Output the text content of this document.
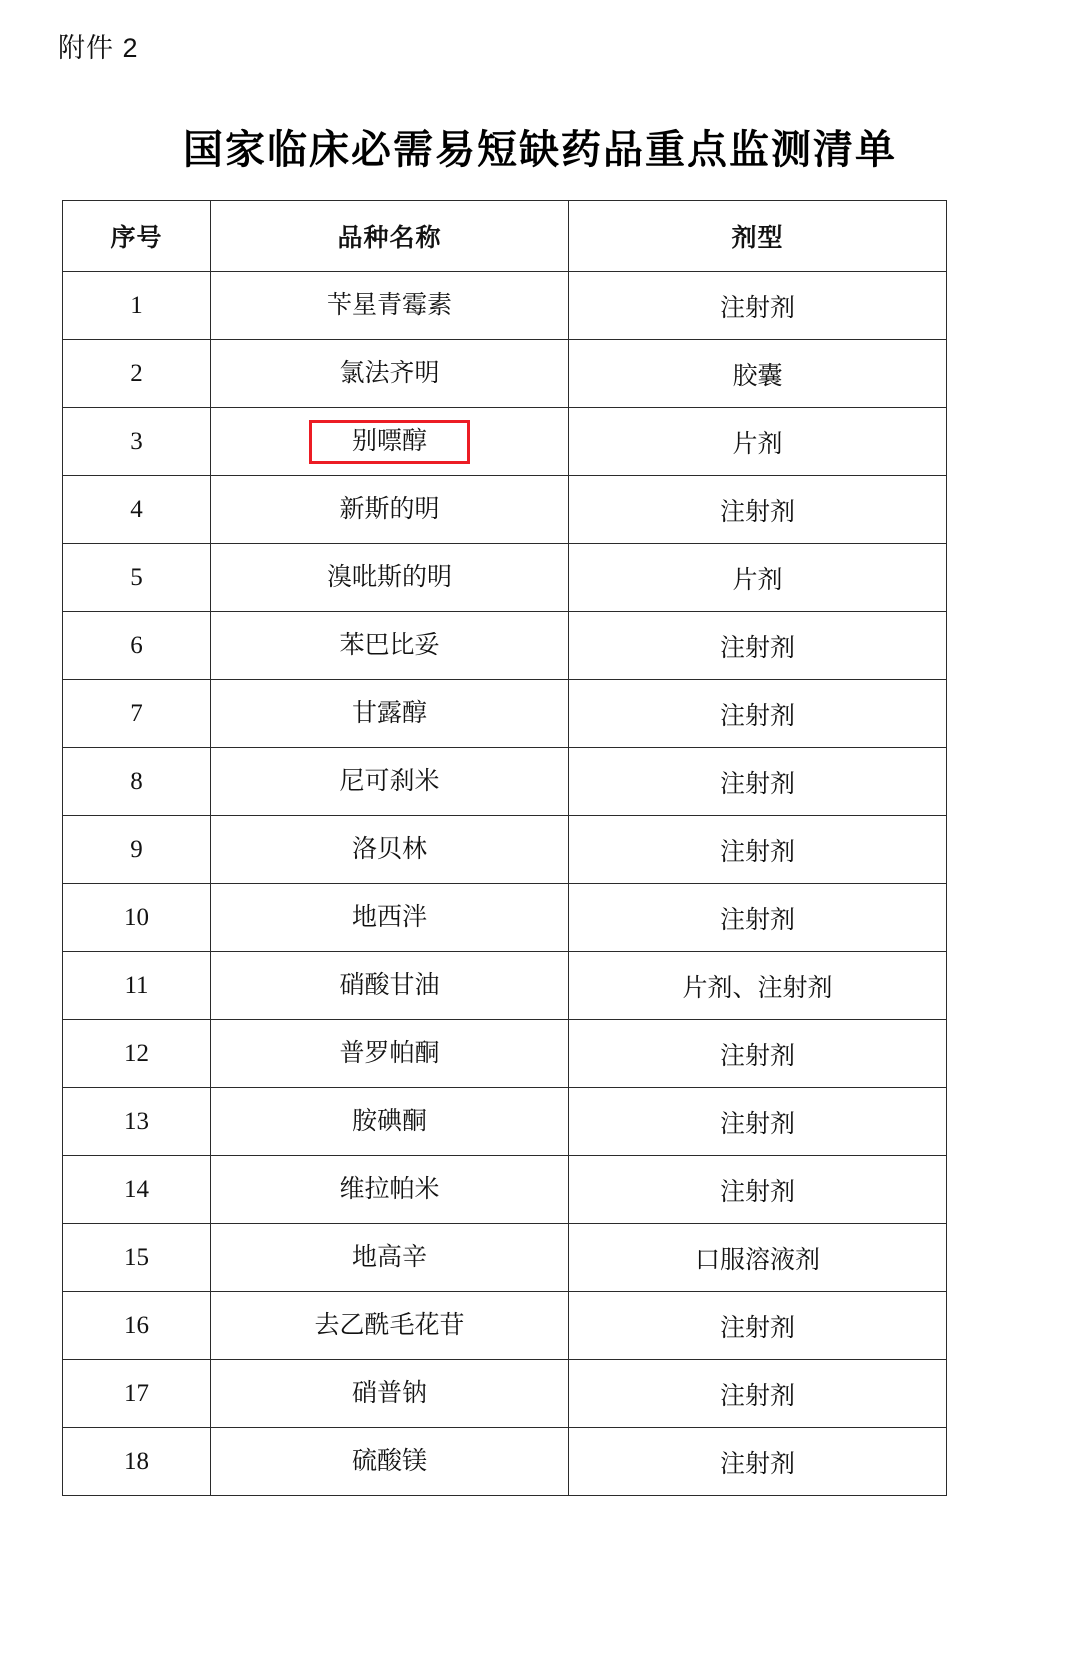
附件 2
国家临床必需易短缺药品重点监测清单
序号	品种名称	剂型
1	苄星青霉素	注射剂
2	氯法齐明	胶囊
3	别嘌醇	片剂
4	新斯的明	注射剂
5	溴吡斯的明	片剂
6	苯巴比妥	注射剂
7	甘露醇	注射剂
8	尼可刹米	注射剂
9	洛贝林	注射剂
10	地西泮	注射剂
11	硝酸甘油	片剂、注射剂
12	普罗帕酮	注射剂
13	胺碘酮	注射剂
14	维拉帕米	注射剂
15	地高辛	口服溶液剂
16	去乙酰毛花苷	注射剂
17	硝普钠	注射剂
18	硫酸镁	注射剂
